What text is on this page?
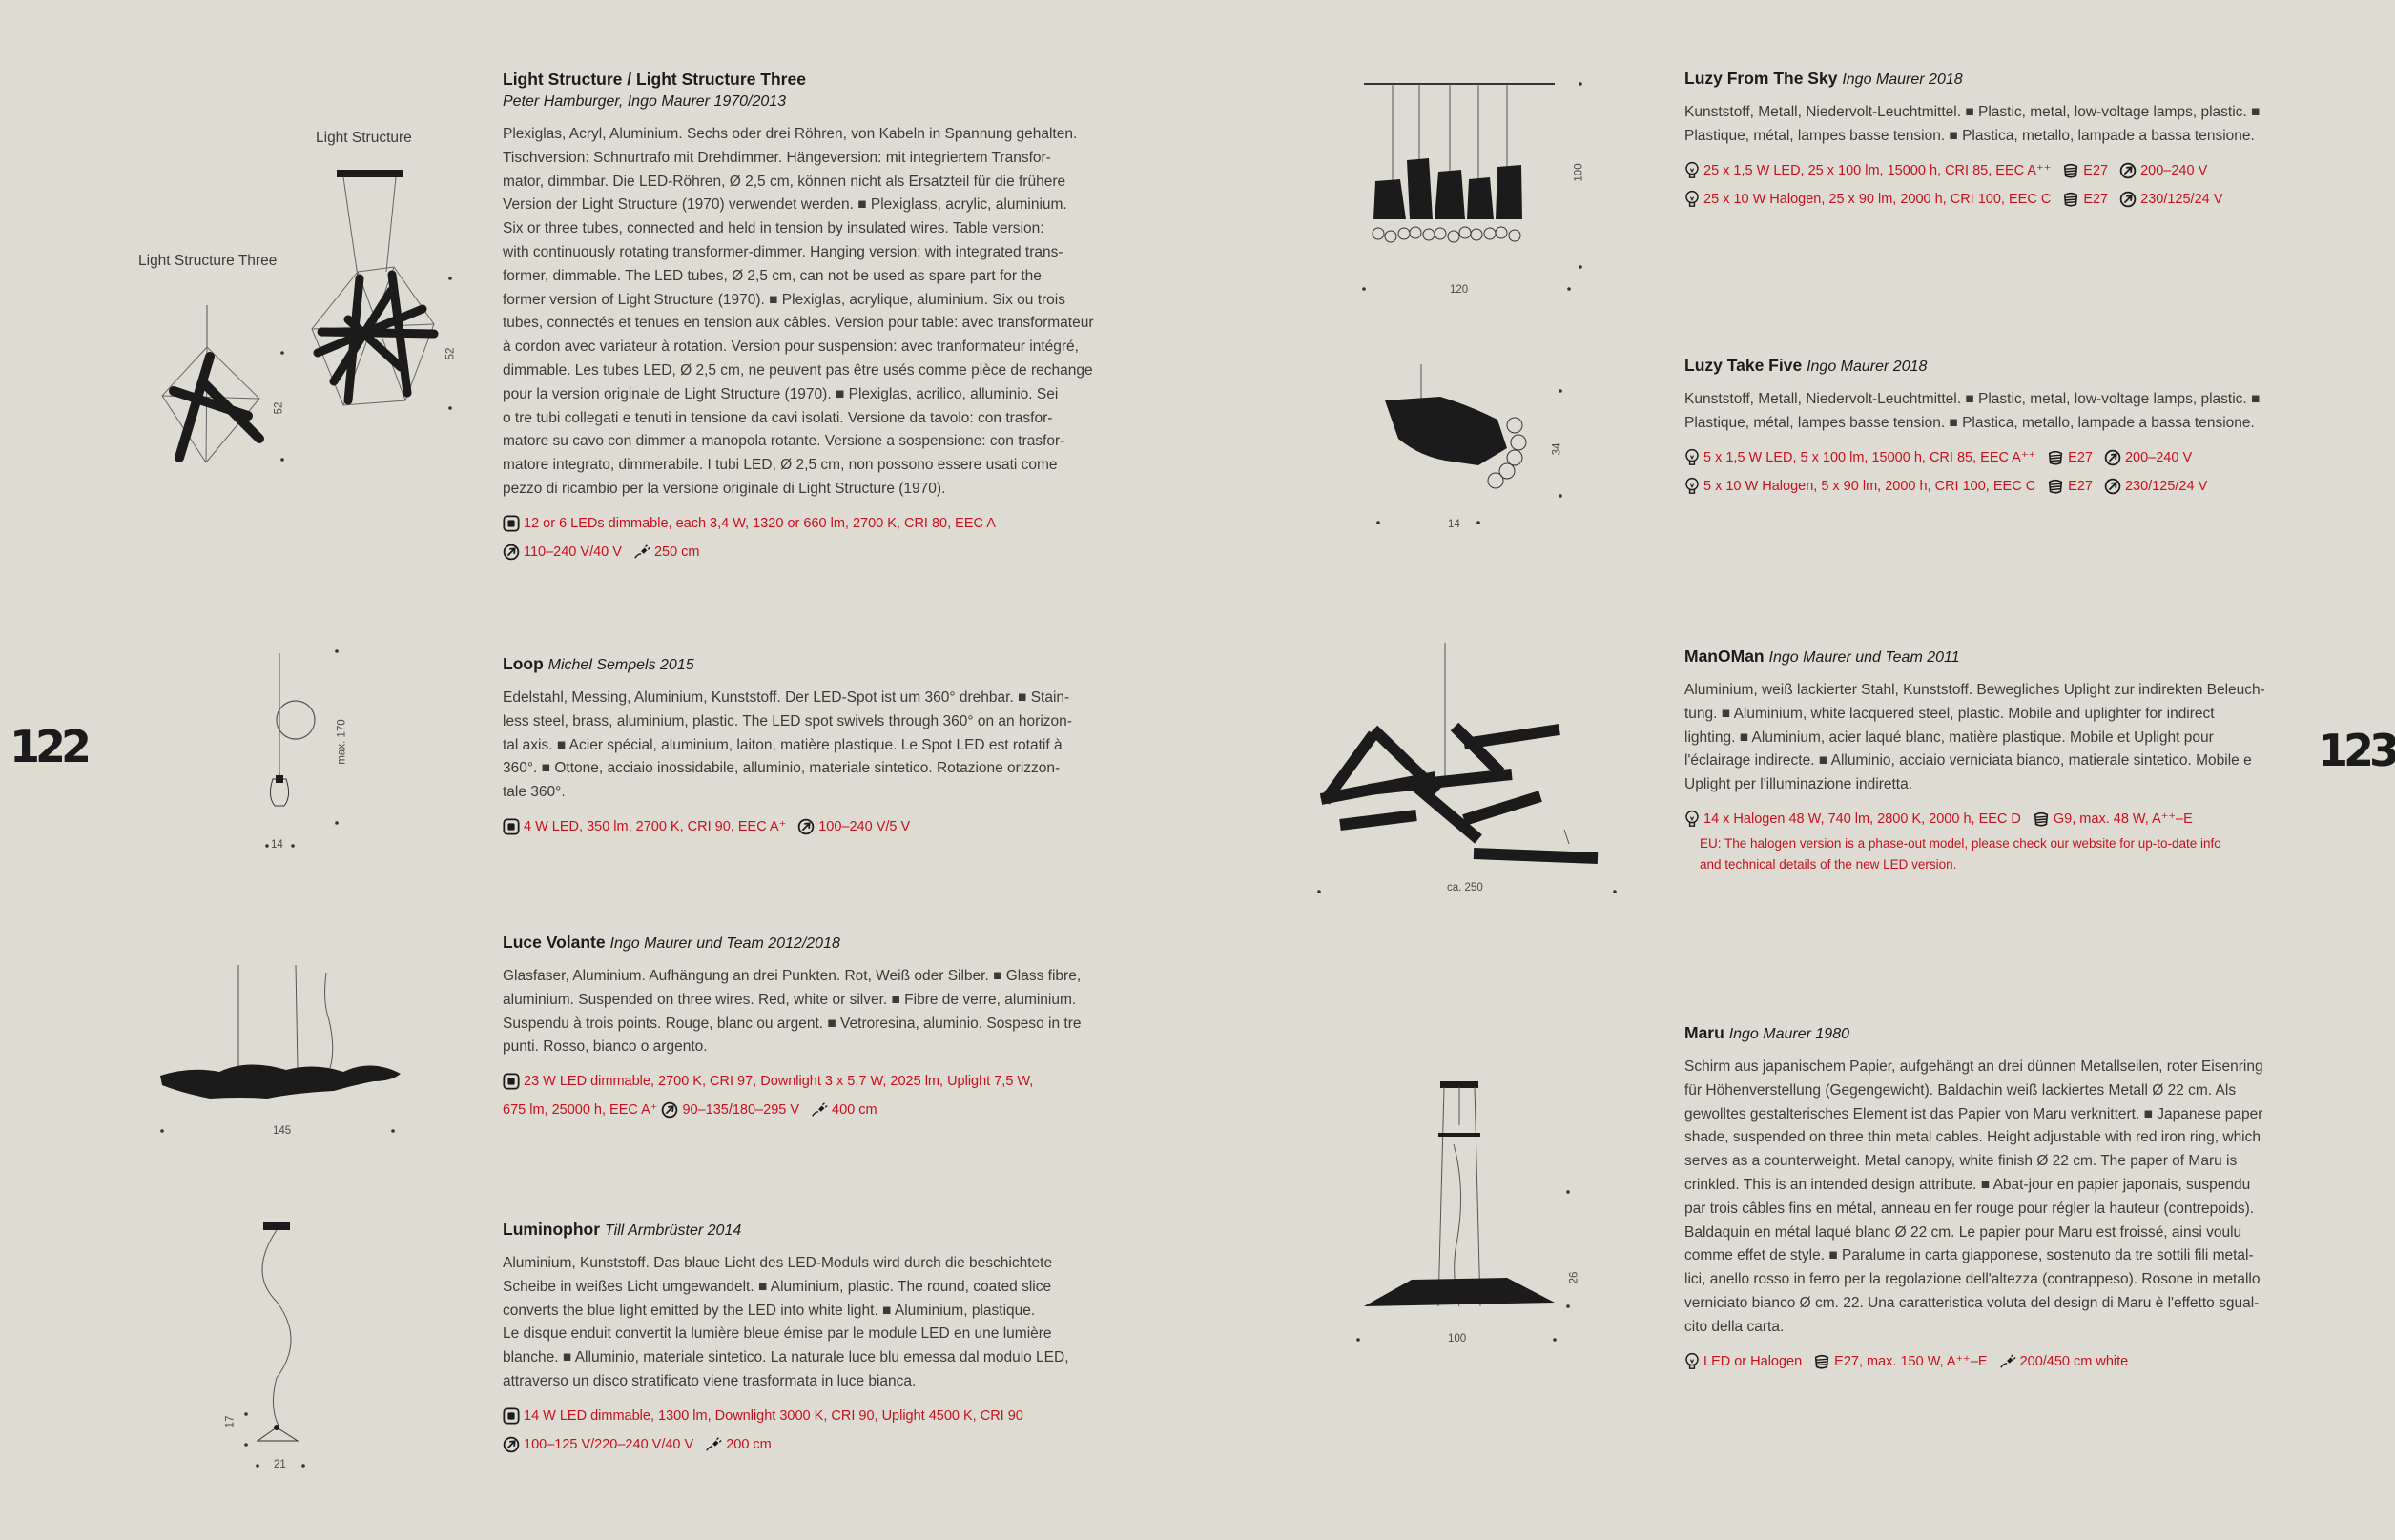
122	123
Light Structure
Light Structure Three
52
52
max. 170
14
145
17
21
100
120
34
14
ca. 250
26
100
Light Structure / Light Structure Three
Peter Hamburger, Ingo Maurer 1970/2013

Plexiglas, Acryl, Aluminium. Sechs oder drei Röhren, von Kabeln in Spannung gehalten.

Tischversion: Schnurtrafo mit Drehdimmer. Hängeversion: mit integriertem Transfor-

mator, dimmbar. Die LED-Röhren, Ø 2,5 cm, können nicht als Ersatzteil für die frühere

Version der Light Structure (1970) verwendet werden. ■ Plexiglass, acrylic, aluminium.

Six or three tubes, connected and held in tension by insulated wires. Table version:

with continuously rotating transformer-dimmer. Hanging version: with integrated trans-

former, dimmable. The LED tubes, Ø 2,5 cm, can not be used as spare part for the

former version of Light Structure (1970). ■ Plexiglas, acrylique, aluminium. Six ou trois

tubes, connectés et tenues en tension aux câbles. Version pour table: avec transformateur

à cordon avec variateur à rotation. Version pour suspension: avec tranformateur intégré,

dimmable. Les tubes LED, Ø 2,5 cm, ne peuvent pas être usés comme pièce de rechange

pour la version originale de Light Structure (1970). ■ Plexiglas, acrilico, alluminio. Sei

o tre tubi collegati e tenuti in tensione da cavi isolati. Versione da tavolo: con trasfor-

matore su cavo con dimmer a manopola rotante. Versione a sospensione: con trasfor-

matore integrato, dimmerabile. I tubi LED, Ø 2,5 cm, non possono essere usati come

pezzo di ricambio per la versione originale di Light Structure (1970).

12 or 6 LEDs dimmable, each 3,4 W, 1320 or 660 lm, 2700 K, CRI 80, EEC A

110–240 V/40 V 250 cm

Loop Michel Sempels 2015

Edelstahl, Messing, Aluminium, Kunststoff. Der LED-Spot ist um 360° drehbar. ■ Stain-

less steel, brass, aluminium, plastic. The LED spot swivels through 360° on an horizon-

tal axis. ■ Acier spécial, aluminium, laiton, matière plastique. Le Spot LED est rotatif à

360°. ■ Ottone, acciaio inossidabile, alluminio, materiale sintetico. Rotazione orizzon-

tale 360°.

4 W LED, 350 lm, 2700 K, CRI 90, EEC A⁺ 100–240 V/5 V

Luce Volante Ingo Maurer und Team 2012/2018

Glasfaser, Aluminium. Aufhängung an drei Punkten. Rot, Weiß oder Silber. ■ Glass fibre,

aluminium. Suspended on three wires. Red, white or silver. ■ Fibre de verre, aluminium.

Suspendu à trois points. Rouge, blanc ou argent. ■ Vetroresina, aluminio. Sospeso in tre

punti. Rosso, bianco o argento.

23 W LED dimmable, 2700 K, CRI 97, Downlight 3 x 5,7 W, 2025 lm, Uplight 7,5 W,

675 lm, 25000 h, EEC A⁺ 90–135/180–295 V 400 cm

Luminophor Till Armbrüster 2014

Aluminium, Kunststoff. Das blaue Licht des LED-Moduls wird durch die beschichtete

Scheibe in weißes Licht umgewandelt. ■ Aluminium, plastic. The round, coated slice

converts the blue light emitted by the LED into white light. ■ Aluminium, plastique.

Le disque enduit convertit la lumière bleue émise par le module LED en une lumière

blanche. ■ Alluminio, materiale sintetico. La naturale luce blu emessa dal modulo LED,

attraverso un disco stratificato viene trasformata in luce bianca.

14 W LED dimmable, 1300 lm, Downlight 3000 K, CRI 90, Uplight 4500 K, CRI 90

100–125 V/220–240 V/40 V 200 cm

Luzy From The Sky Ingo Maurer 2018

Kunststoff, Metall, Niedervolt-Leuchtmittel. ■ Plastic, metal, low-voltage lamps, plastic. ■

Plastique, métal, lampes basse tension. ■ Plastica, metallo, lampade a bassa tensione.

25 x 1,5 W LED, 25 x 100 lm, 15000 h, CRI 85, EEC A⁺⁺ E27 200–240 V

25 x 10 W Halogen, 25 x 90 lm, 2000 h, CRI 100, EEC C E27 230/125/24 V

Luzy Take Five Ingo Maurer 2018

Kunststoff, Metall, Niedervolt-Leuchtmittel. ■ Plastic, metal, low-voltage lamps, plastic. ■

Plastique, métal, lampes basse tension. ■ Plastica, metallo, lampade a bassa tensione.

5 x 1,5 W LED, 5 x 100 lm, 15000 h, CRI 85, EEC A⁺⁺ E27 200–240 V

5 x 10 W Halogen, 5 x 90 lm, 2000 h, CRI 100, EEC C E27 230/125/24 V

ManOMan Ingo Maurer und Team 2011

Aluminium, weiß lackierter Stahl, Kunststoff. Bewegliches Uplight zur indirekten Beleuch-

tung. ■ Aluminium, white lacquered steel, plastic. Mobile and uplighter for indirect

lighting. ■ Aluminium, acier laqué blanc, matière plastique. Mobile et Uplight pour

l'éclairage indirecte. ■ Alluminio, acciaio verniciata bianco, matierale sintetico. Mobile e

Uplight per l'illuminazione indiretta.

14 x Halogen 48 W, 740 lm, 2800 K, 2000 h, EEC D G9, max. 48 W, A⁺⁺–E

EU: The halogen version is a phase-out model, please check our website for up-to-date info

and technical details of the new LED version.

Maru Ingo Maurer 1980

Schirm aus japanischem Papier, aufgehängt an drei dünnen Metallseilen, roter Eisenring

für Höhenverstellung (Gegengewicht). Baldachin weiß lackiertes Metall Ø 22 cm. Als

gewolltes gestalterisches Element ist das Papier von Maru verknittert. ■ Japanese paper

shade, suspended on three thin metal cables. Height adjustable with red iron ring, which

serves as a counterweight. Metal canopy, white finish Ø 22 cm. The paper of Maru is

crinkled. This is an intended design attribute. ■ Abat-jour en papier japonais, suspendu

par trois câbles fins en métal, anneau en fer rouge pour régler la hauteur (contrepoids).

Baldaquin en métal laqué blanc Ø 22 cm. Le papier pour Maru est froissé, ainsi voulu

comme effet de style. ■ Paralume in carta giapponese, sostenuto da tre sottili fili metal-

lici, anello rosso in ferro per la regolazione dell'altezza (contrappeso). Rosone in metallo

verniciato bianco Ø cm. 22. Una caratteristica voluta del design di Maru è l'effetto sgual-

cito della carta.

LED or Halogen E27, max. 150 W, A⁺⁺–E 200/450 cm white
